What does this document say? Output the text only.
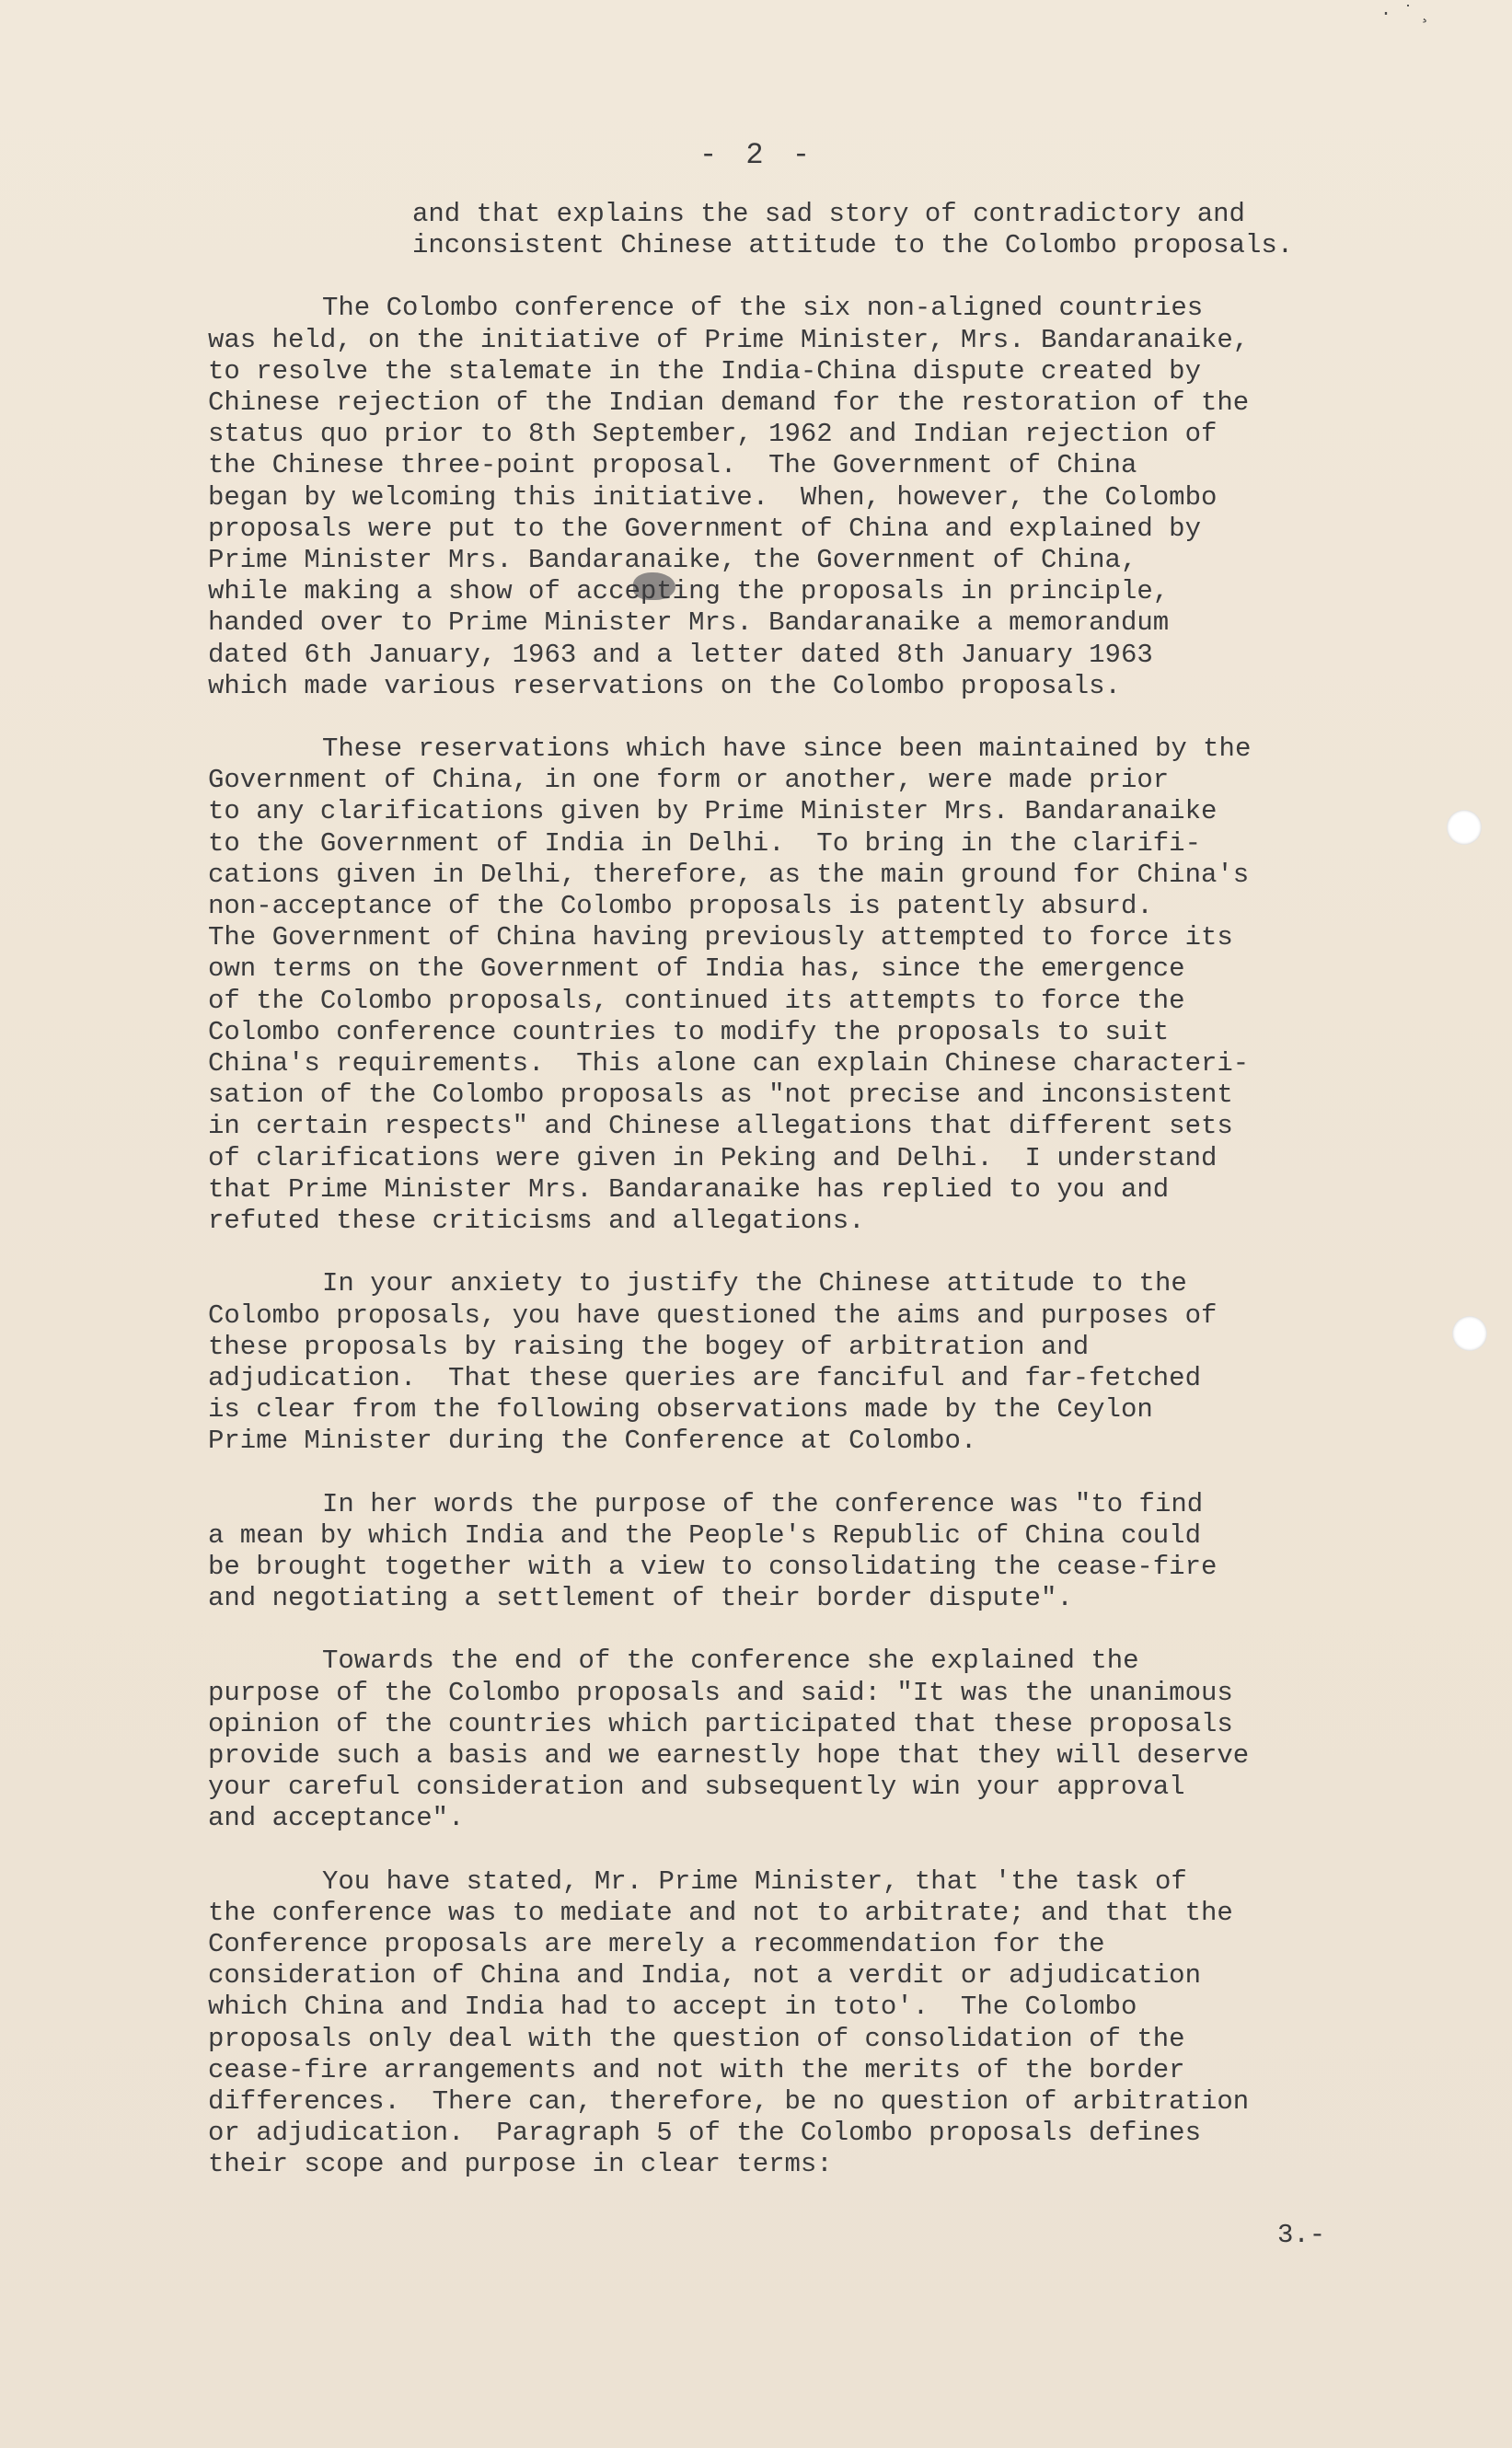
· ˙ ̧
- 2 -
and that explains the sad story of contradictory and
inconsistent Chinese attitude to the Colombo proposals.
The Colombo conference of the six non-aligned countries
was held, on the initiative of Prime Minister, Mrs. Bandaranaike,
to resolve the stalemate in the India-China dispute created by
Chinese rejection of the Indian demand for the restoration of the
status quo prior to 8th September, 1962 and Indian rejection of
the Chinese three-point proposal.  The Government of China
began by welcoming this initiative.  When, however, the Colombo
proposals were put to the Government of China and explained by
Prime Minister Mrs. Bandaranaike, the Government of China,
while making a show of accepting the proposals in principle,
handed over to Prime Minister Mrs. Bandaranaike a memorandum
dated 6th January, 1963 and a letter dated 8th January 1963
which made various reservations on the Colombo proposals.
These reservations which have since been maintained by the
Government of China, in one form or another, were made prior
to any clarifications given by Prime Minister Mrs. Bandaranaike
to the Government of India in Delhi.  To bring in the clarifi-
cations given in Delhi, therefore, as the main ground for China's
non-acceptance of the Colombo proposals is patently absurd.
The Government of China having previously attempted to force its
own terms on the Government of India has, since the emergence
of the Colombo proposals, continued its attempts to force the
Colombo conference countries to modify the proposals to suit
China's requirements.  This alone can explain Chinese characteri-
sation of the Colombo proposals as "not precise and inconsistent
in certain respects" and Chinese allegations that different sets
of clarifications were given in Peking and Delhi.  I understand
that Prime Minister Mrs. Bandaranaike has replied to you and
refuted these criticisms and allegations.
In your anxiety to justify the Chinese attitude to the
Colombo proposals, you have questioned the aims and purposes of
these proposals by raising the bogey of arbitration and
adjudication.  That these queries are fanciful and far-fetched
is clear from the following observations made by the Ceylon
Prime Minister during the Conference at Colombo.
In her words the purpose of the conference was "to find
a mean by which India and the People's Republic of China could
be brought together with a view to consolidating the cease-fire
and negotiating a settlement of their border dispute".
Towards the end of the conference she explained the
purpose of the Colombo proposals and said: "It was the unanimous
opinion of the countries which participated that these proposals
provide such a basis and we earnestly hope that they will deserve
your careful consideration and subsequently win your approval
and acceptance".
You have stated, Mr. Prime Minister, that 'the task of
the conference was to mediate and not to arbitrate; and that the
Conference proposals are merely a recommendation for the
consideration of China and India, not a verdit or adjudication
which China and India had to accept in toto'.  The Colombo
proposals only deal with the question of consolidation of the
cease-fire arrangements and not with the merits of the border
differences.  There can, therefore, be no question of arbitration
or adjudication.  Paragraph 5 of the Colombo proposals defines
their scope and purpose in clear terms:
3.-
